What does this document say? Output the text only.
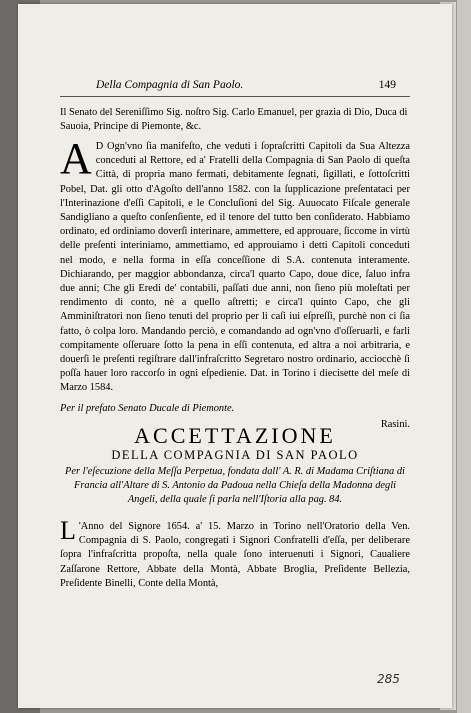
Della Compagnia di San Paolo.	149
Il Senato del Sereniſſimo Sig. noſtro Sig. Carlo Emanuel, per grazia di Dio, Duca di Sauoia, Principe di Piemonte, &c.
A D Ogn'vno ſia manifeſto, che veduti i ſopraſcritti Capitoli da Sua Altezza conceduti al Rettore, ed a' Fratelli della Compagnia di San Paolo di queſta Città, di propria mano fermati, debitamente ſegnati, ſigillati, e ſottoſcritti Pobel, Dat. gli otto d'Agoſto dell'anno 1582. con la ſupplicazione preſentataci per l'Interinazione d'eſſi Capitoli, e le Concluſioni del Sig. Auuocato Fiſcale generale Sandigliano a queſto conſenſiente, ed il tenore del tutto ben conſiderato. Habbiamo ordinato, ed ordiniamo doverſi interinare, ammettere, ed approuare, ſiccome in virtù delle preſenti interiniamo, ammettiamo, ed approuiamo i detti Capitoli conceduti nel modo, e nella forma in eſſa conceſſione di S.A. contenuta interamente. Dichiarando, per maggior abbondanza, circa'l quarto Capo, doue dice, ſaluo infra due anni; Che gli Eredi de' contabili, paſſati due anni, non ſieno più moleſtati per rendimento di conto, nè a quello aſtretti; e circa'l quinto Capo, che gli Amminiſtratori non ſieno tenuti del proprio per li caſi iui eſpreſſi, purchè non ci ſia fatto, ò colpa loro. Mandando perciò, e comandando ad ogn'vno d'oſſeruarli, e farli compitamente oſſeruare ſotto la pena in eſſi contenuta, ed altra a noi arbitraria, e douerſi le preſenti regiſtrare dall'infraſcritto Segretaro nostro ordinario, acciocchè ſi poſſa hauer loro raccorſo in ogni eſpedienie. Dat. in Torino i diecisette del meſe di Marzo 1584.
Per il prefato Senato Ducale di Piemonte.
Rasini.
ACCETTAZIONE
DELLA COMPAGNIA DI SAN PAOLO
Per l'eſecuzione della Meſſa Perpetua, fondata dall' A. R. di Madama Criſtiana di Francia all'Altare di S. Antonio da Padoua nella Chieſa della Madonna degli Angeli, della quale ſi parla nell'Iſtoria alla pag. 84.
L 'Anno del Signore 1654. a' 15. Marzo in Torino nell'Oratorio della Ven. Compagnia di S. Paolo, congregati i Signori Confratelli d'eſſa, per deliberare ſopra l'infraſcritta propoſta, nella quale ſono interuenuti i Signori, Caualiere Zaſſarone Rettore, Abbate della Montà, Abbate Broglia, Preſidente Bellezia, Preſidente Binelli, Conte della Montà,
285
